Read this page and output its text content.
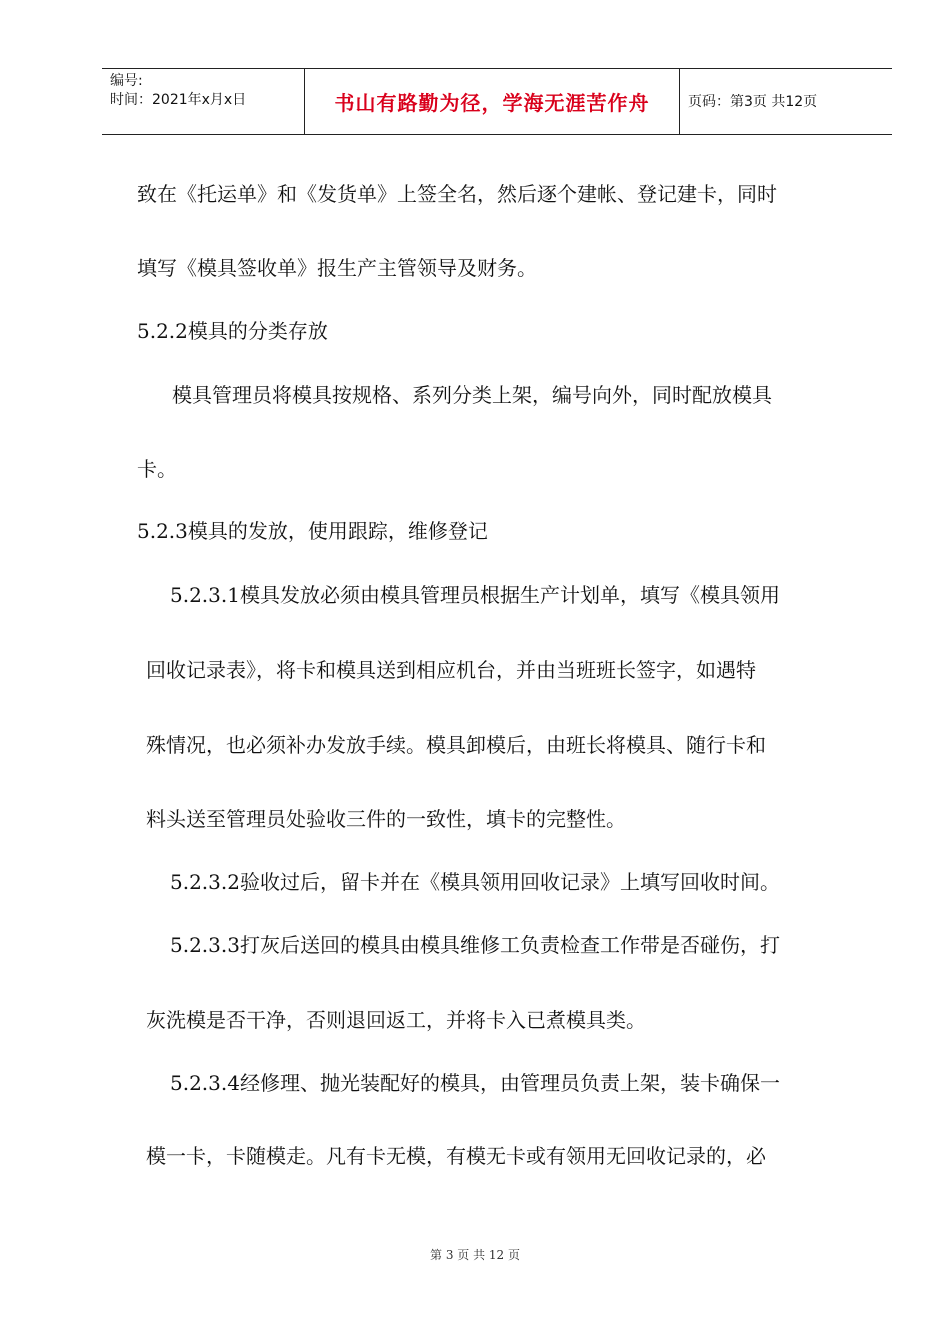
编号:
时间：2021年x月x日	书山有路勤为径，学海无涯苦作舟	页码：第3页 共12页
致在《托运单》和《发货单》上签全名，然后逐个建帐、登记建卡，同时
填写《模具签收单》报生产主管领导及财务。
5.2.2模具的分类存放
模具管理员将模具按规格、系列分类上架，编号向外，同时配放模具
卡。
5.2.3模具的发放，使用跟踪，维修登记
5.2.3.1模具发放必须由模具管理员根据生产计划单，填写《模具领用
回收记录表》，将卡和模具送到相应机台，并由当班班长签字，如遇特
殊情况，也必须补办发放手续。模具卸模后，由班长将模具、随行卡和
料头送至管理员处验收三件的一致性，填卡的完整性。
5.2.3.2验收过后，留卡并在《模具领用回收记录》上填写回收时间。
5.2.3.3打灰后送回的模具由模具维修工负责检查工作带是否碰伤，打
灰洗模是否干净，否则退回返工，并将卡入已煮模具类。
5.2.3.4经修理、抛光装配好的模具，由管理员负责上架，装卡确保一
模一卡，卡随模走。凡有卡无模，有模无卡或有领用无回收记录的，必
第 3 页 共 12 页
